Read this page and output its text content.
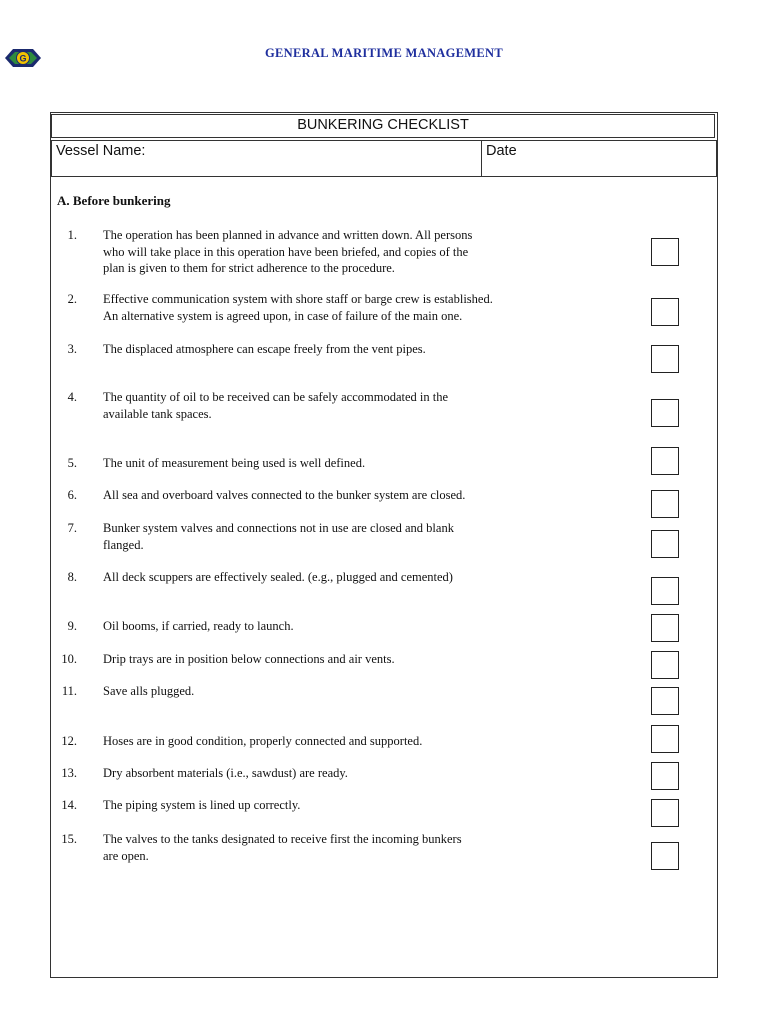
G	GENERAL MARITIME MANAGEMENT
BUNKERING CHECKLIST
Vessel Name:	Date
A. Before bunkering
1. The operation has been planned in advance and written down. All persons
who will take place in this operation have been briefed, and copies of the
plan is given to them for strict adherence to the procedure.
2. Effective communication system with shore staff or barge crew is established.
An alternative system is agreed upon, in case of failure of the main one.
3. The displaced atmosphere can escape freely from the vent pipes.
4. The quantity of oil to be received can be safely accommodated in the
available tank spaces.
5. The unit of measurement being used is well defined.
6. All sea and overboard valves connected to the bunker system are closed.
7. Bunker system valves and connections not in use are closed and blank
flanged.
8. All deck scuppers are effectively sealed. (e.g., plugged and cemented)
9. Oil booms, if carried, ready to launch.
10. Drip trays are in position below connections and air vents.
11. Save alls plugged.
12. Hoses are in good condition, properly connected and supported.
13. Dry absorbent materials (i.e., sawdust) are ready.
14. The piping system is lined up correctly.
15. The valves to the tanks designated to receive first the incoming bunkers
are open.
